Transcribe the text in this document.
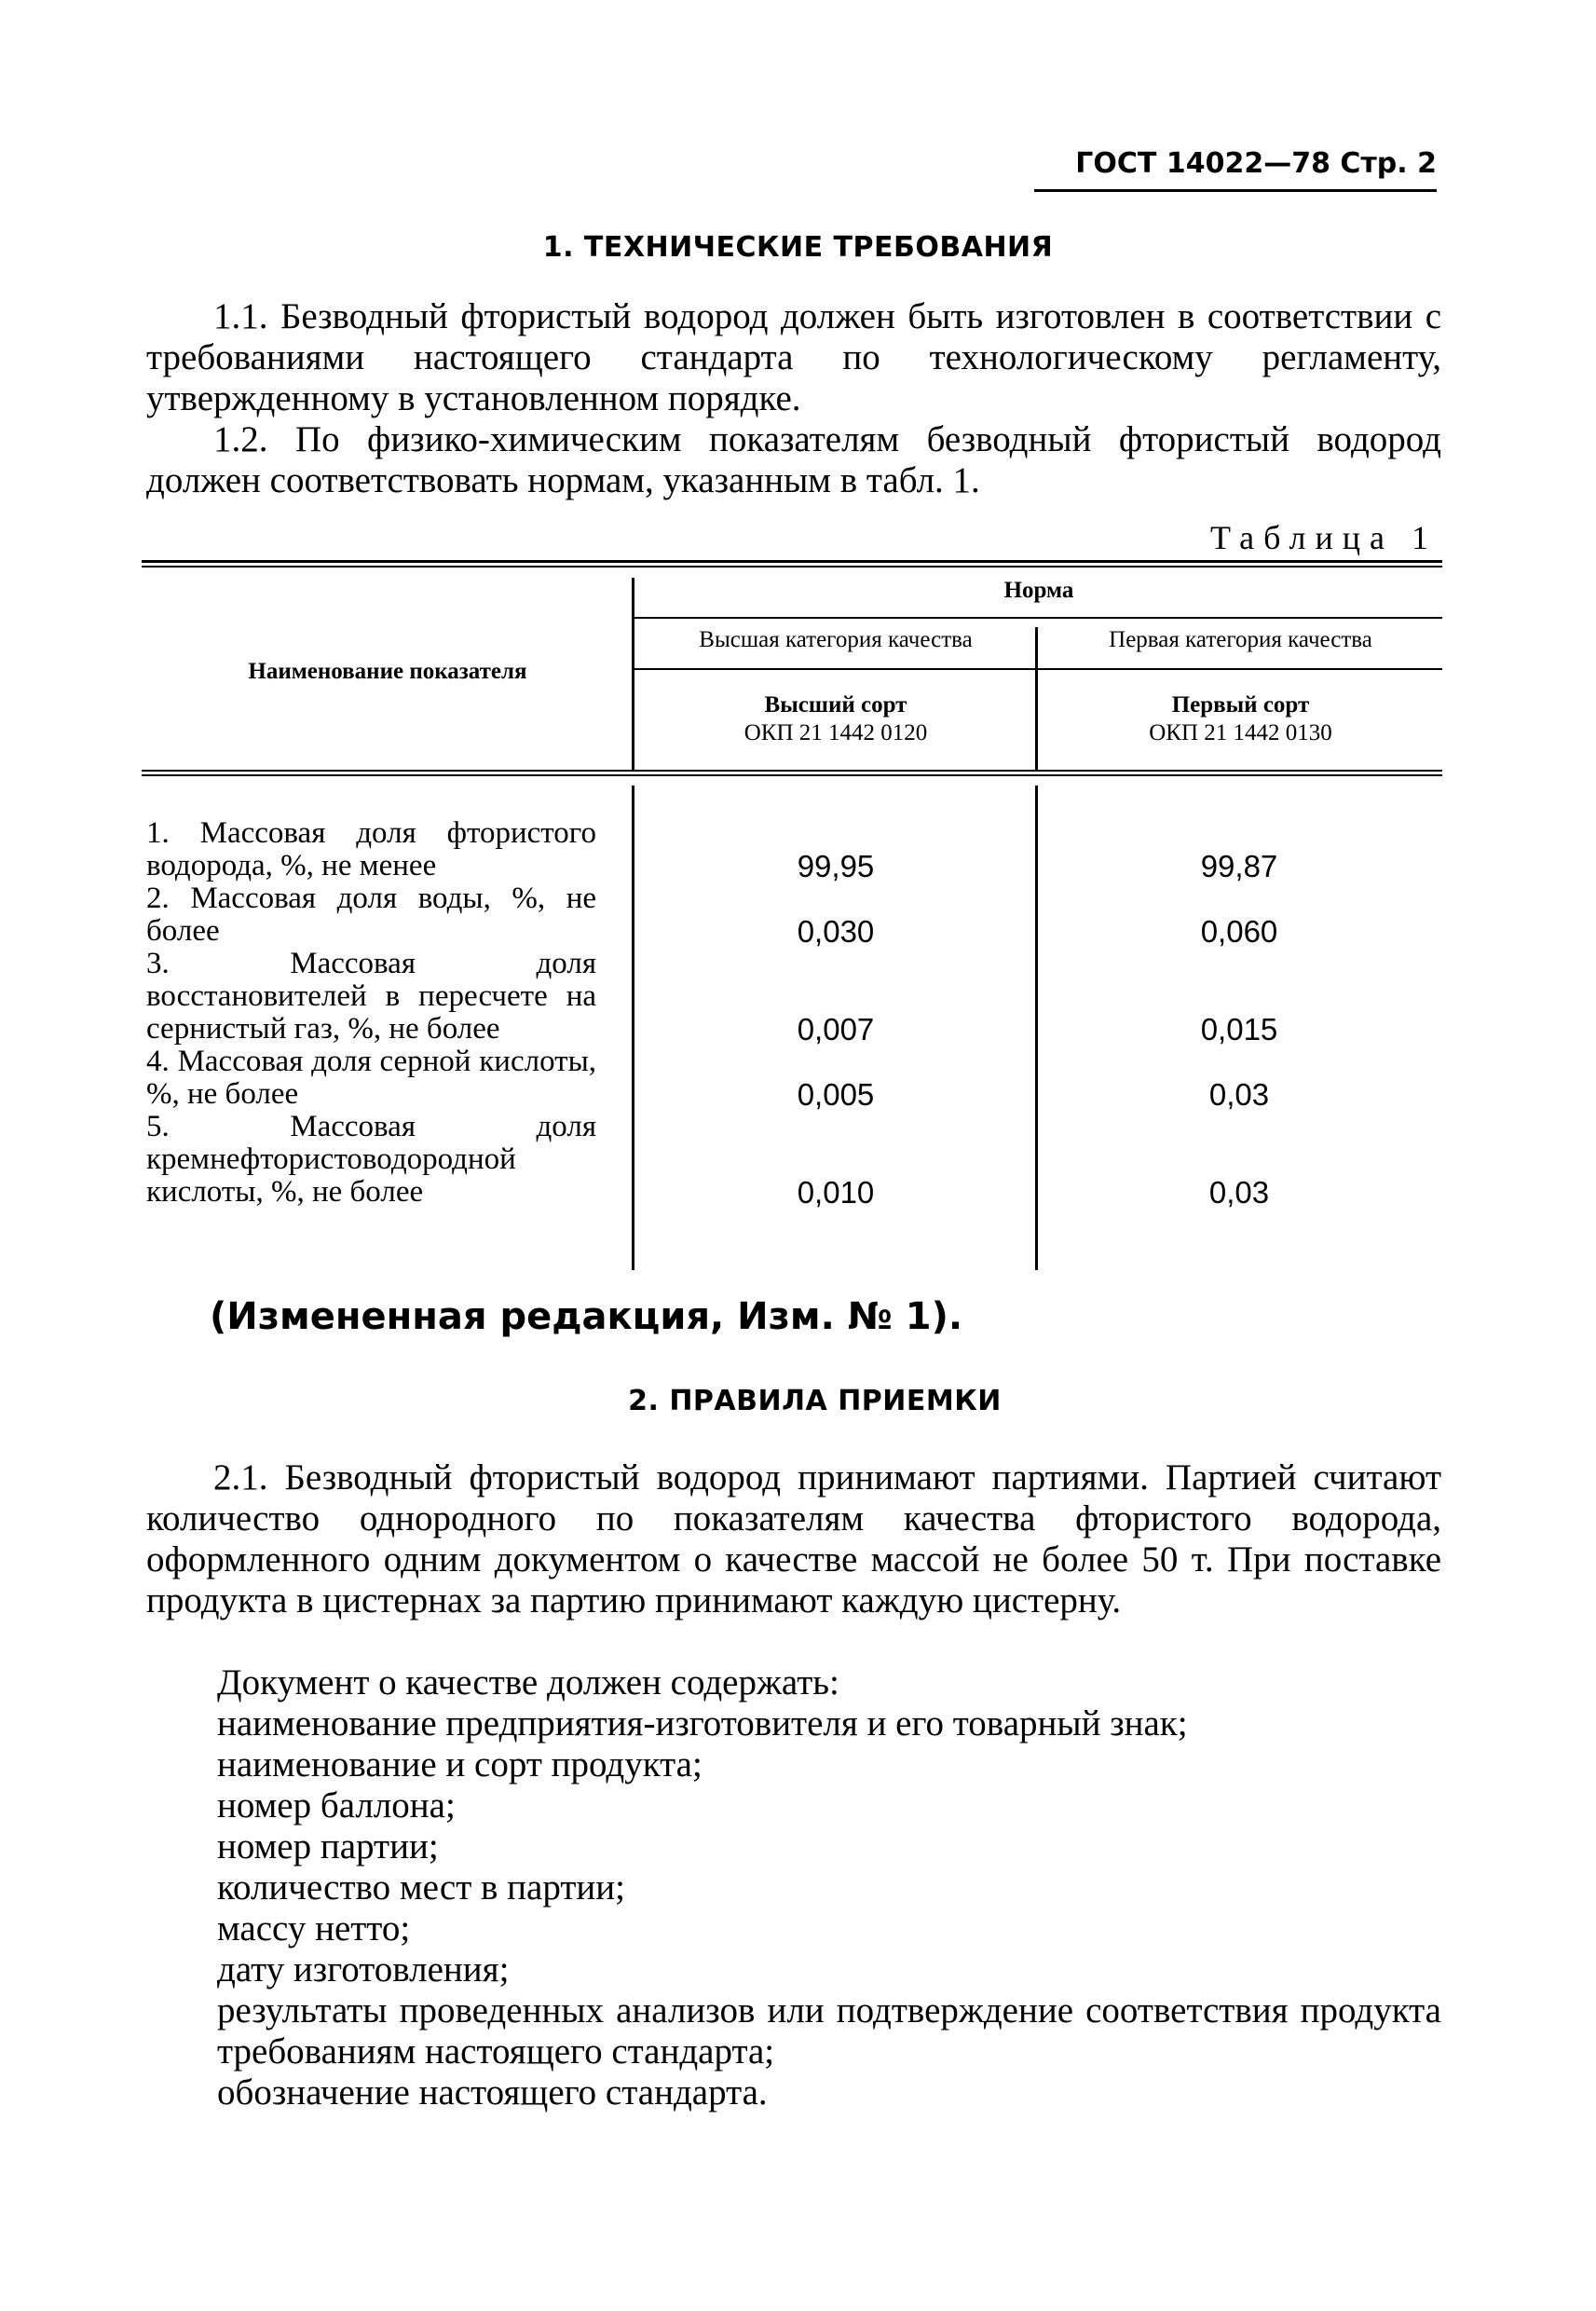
ГОСТ 14022—78 Стр. 2
1. ТЕХНИЧЕСКИЕ ТРЕБОВАНИЯ

1.1. Безводный фтористый водород должен быть изготовлен в соответствии с требованиями настоящего стандарта по технологическому регламенту, утвержденному в установленном порядке.

1.2. По физико-химическим показателям безводный фтористый водород должен соответствовать нормам, указанным в табл. 1.

Таблица 1
Наименование показателя
Норма
Высшая категория качества	Первая категория качества
Высший сорт
ОКП 21 1442 0120
Первый сорт
ОКП 21 1442 0130
1. Массовая доля фтористого водорода, %, не менее	99,95	99,87
2. Массовая доля воды, %, не более	0,030	0,060
3. Массовая доля восстановителей в пересчете на сернистый газ, %, не более	0,007	0,015
4. Массовая доля серной кислоты, %, не более	0,005	0,03
5. Массовая доля кремнефтористоводородной кислоты, %, не более	0,010	0,03
(Измененная редакция, Изм. № 1).
2. ПРАВИЛА ПРИЕМКИ

2.1. Безводный фтористый водород принимают партиями. Партией считают количество однородного по показателям качества фтористого водорода, оформленного одним документом о качестве массой не более 50 т. При поставке продукта в цистернах за партию принимают каждую цистерну.

Документ о качестве должен содержать:

наименование предприятия-изготовителя и его товарный знак;

наименование и сорт продукта;

номер баллона;

номер партии;

количество мест в партии;

массу нетто;

дату изготовления;

результаты проведенных анализов или подтверждение соответствия продукта требованиям настоящего стандарта;

обозначение настоящего стандарта.
